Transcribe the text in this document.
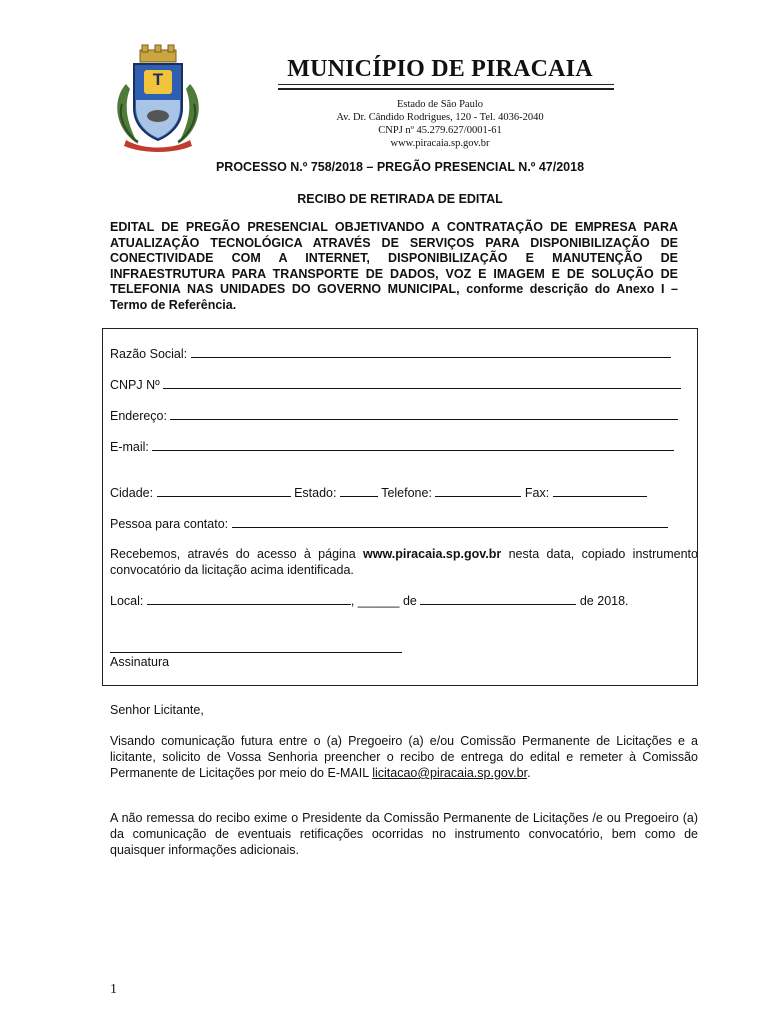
T	MUNICÍPIO DE PIRACAIA
Estado de São Paulo
Av. Dr. Cândido Rodrigues, 120 - Tel. 4036-2040
CNPJ nº 45.279.627/0001-61
www.piracaia.sp.gov.br
PROCESSO N.º 758/2018 – PREGÃO PRESENCIAL N.º 47/2018
RECIBO DE RETIRADA DE EDITAL
EDITAL DE PREGÃO PRESENCIAL OBJETIVANDO A CONTRATAÇÃO DE EMPRESA PARA ATUALIZAÇÃO TECNOLÓGICA ATRAVÉS DE SERVIÇOS PARA DISPONIBILIZAÇÃO DE CONECTIVIDADE COM A INTERNET, DISPONIBILIZAÇÃO E MANUTENÇÃO DE INFRAESTRUTURA PARA TRANSPORTE DE DADOS, VOZ E IMAGEM E DE SOLUÇÃO DE TELEFONIA NAS UNIDADES DO GOVERNO MUNICIPAL, conforme descrição do Anexo I – Termo de Referência.
Razão Social:
CNPJ Nº
Endereço:
E-mail:
Cidade:	Estado:	Telefone:	Fax:
Pessoa para contato:
Recebemos, através do acesso à página www.piracaia.sp.gov.br nesta data, copiado instrumento convocatório da licitação acima identificada.
Local:	, ______ de	de 2018.
Assinatura
Senhor Licitante,
Visando comunicação futura entre o (a) Pregoeiro (a) e/ou Comissão Permanente de Licitações e a licitante, solicito de Vossa Senhoria preencher o recibo de entrega do edital e remeter à Comissão Permanente de Licitações por meio do E-MAIL licitacao@piracaia.sp.gov.br.
A não remessa do recibo exime o Presidente da Comissão Permanente de Licitações /e ou Pregoeiro (a) da comunicação de eventuais retificações ocorridas no instrumento convocatório, bem como de quaisquer informações adicionais.
1
